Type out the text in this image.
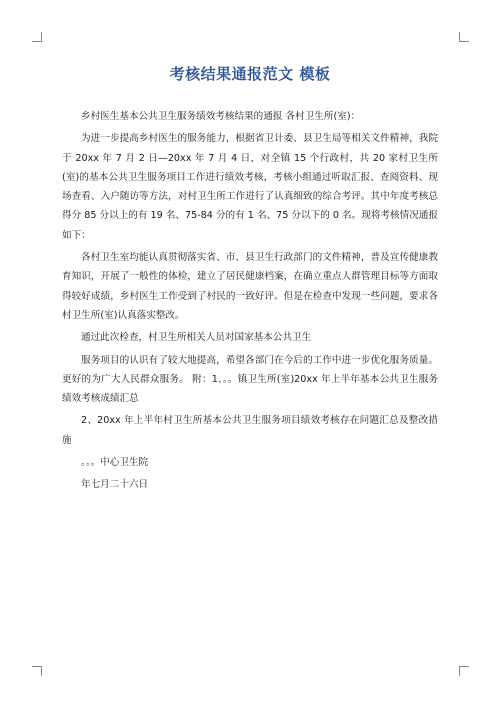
考核结果通报范文 模板

乡村医生基本公共卫生服务绩效考核结果的通报 各村卫生所(室)：

为进一步提高乡村医生的服务能力，根据省卫计委、县卫生局等相关文件精神，我院于 20xx 年 7 月 2 日—20xx 年 7 月 4 日，对全镇 15 个行政村，共 20 家村卫生所(室)的基本公共卫生服务项目工作进行绩效考核，考核小组通过听取汇报、查阅资料、现场查看、入户随访等方法，对村卫生所工作进行了认真细致的综合考评。其中年度考核总得分 85 分以上的有 19 名、75-84 分的有 1 名、75 分以下的 0 名。现将考核情况通报如下：

各村卫生室均能认真贯彻落实省、市、县卫生行政部门的文件精神，普及宣传健康教育知识，开展了一般性的体检，建立了居民健康档案，在确立重点人群管理目标等方面取得较好成绩，乡村医生工作受到了村民的一致好评。但是在检查中发现一些问题，要求各村卫生所(室)认真落实整改。

通过此次检查，村卫生所相关人员对国家基本公共卫生

服务项目的认识有了较大地提高，希望各部门在今后的工作中进一步优化服务质量。更好的为广大人民群众服务。 附：1、。。镇卫生所(室)20xx 年上半年基本公共卫生服务绩效考核成绩汇总

2、20xx 年上半年村卫生所基本公共卫生服务项目绩效考核存在问题汇总及整改措施

。。。中心卫生院

年七月二十六日
